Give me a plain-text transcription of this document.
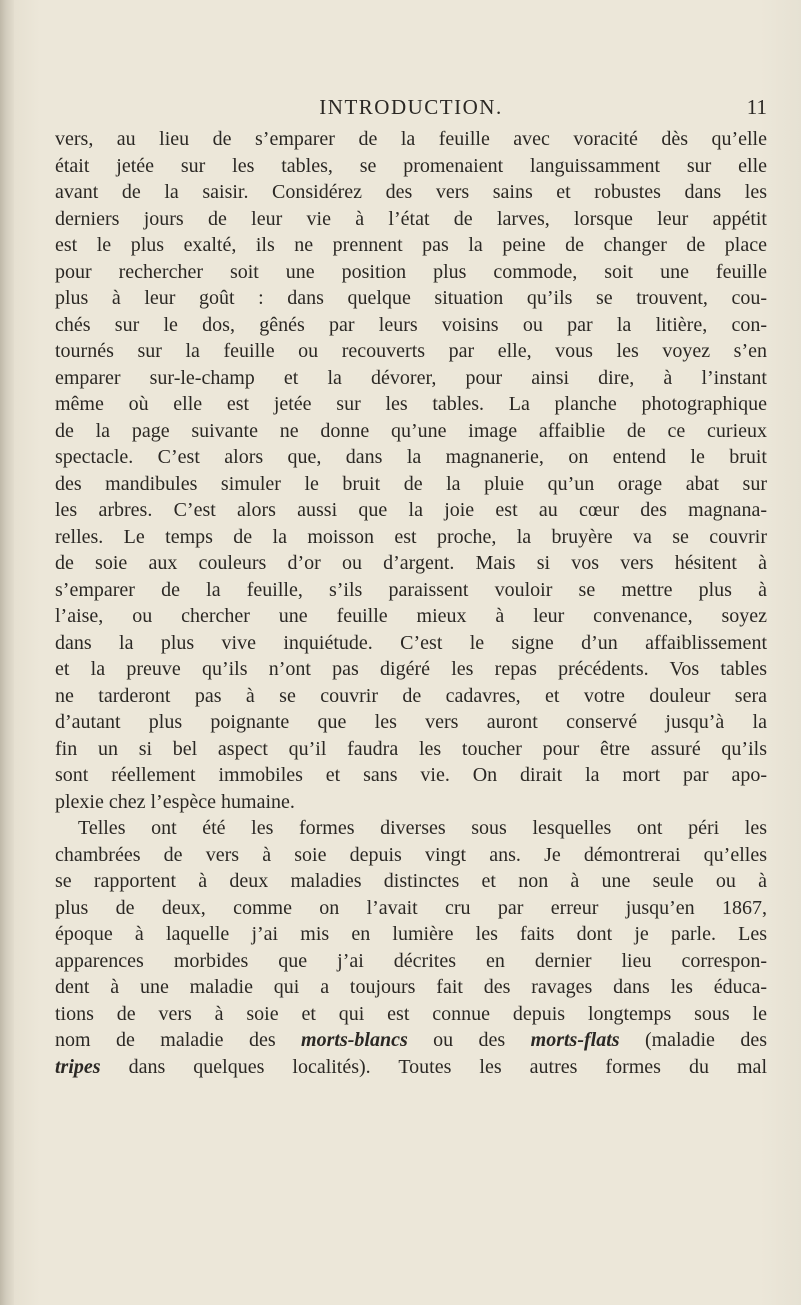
INTRODUCTION.	11
vers, au lieu de s’emparer de la feuille avec voracité dès qu’elle
était jetée sur les tables, se promenaient languissamment sur elle
avant de la saisir. Considérez des vers sains et robustes dans les
derniers jours de leur vie à l’état de larves, lorsque leur appétit
est le plus exalté, ils ne prennent pas la peine de changer de place
pour rechercher soit une position plus commode, soit une feuille
plus à leur goût : dans quelque situation qu’ils se trouvent, cou-
chés sur le dos, gênés par leurs voisins ou par la litière, con-
tournés sur la feuille ou recouverts par elle, vous les voyez s’en
emparer sur-le-champ et la dévorer, pour ainsi dire, à l’instant
même où elle est jetée sur les tables. La planche photographique
de la page suivante ne donne qu’une image affaiblie de ce curieux
spectacle. C’est alors que, dans la magnanerie, on entend le bruit
des mandibules simuler le bruit de la pluie qu’un orage abat sur
les arbres. C’est alors aussi que la joie est au cœur des magnana-
relles. Le temps de la moisson est proche, la bruyère va se couvrir
de soie aux couleurs d’or ou d’argent. Mais si vos vers hésitent à
s’emparer de la feuille, s’ils paraissent vouloir se mettre plus à
l’aise, ou chercher une feuille mieux à leur convenance, soyez
dans la plus vive inquiétude. C’est le signe d’un affaiblissement
et la preuve qu’ils n’ont pas digéré les repas précédents. Vos tables
ne tarderont pas à se couvrir de cadavres, et votre douleur sera
d’autant plus poignante que les vers auront conservé jusqu’à la
fin un si bel aspect qu’il faudra les toucher pour être assuré qu’ils
sont réellement immobiles et sans vie. On dirait la mort par apo-
plexie chez l’espèce humaine.
Telles ont été les formes diverses sous lesquelles ont péri les
chambrées de vers à soie depuis vingt ans. Je démontrerai qu’elles
se rapportent à deux maladies distinctes et non à une seule ou à
plus de deux, comme on l’avait cru par erreur jusqu’en 1867,
époque à laquelle j’ai mis en lumière les faits dont je parle. Les
apparences morbides que j’ai décrites en dernier lieu correspon-
dent à une maladie qui a toujours fait des ravages dans les éduca-
tions de vers à soie et qui est connue depuis longtemps sous le
nom de maladie des morts-blancs ou des morts-flats (maladie des
tripes dans quelques localités). Toutes les autres formes du mal
